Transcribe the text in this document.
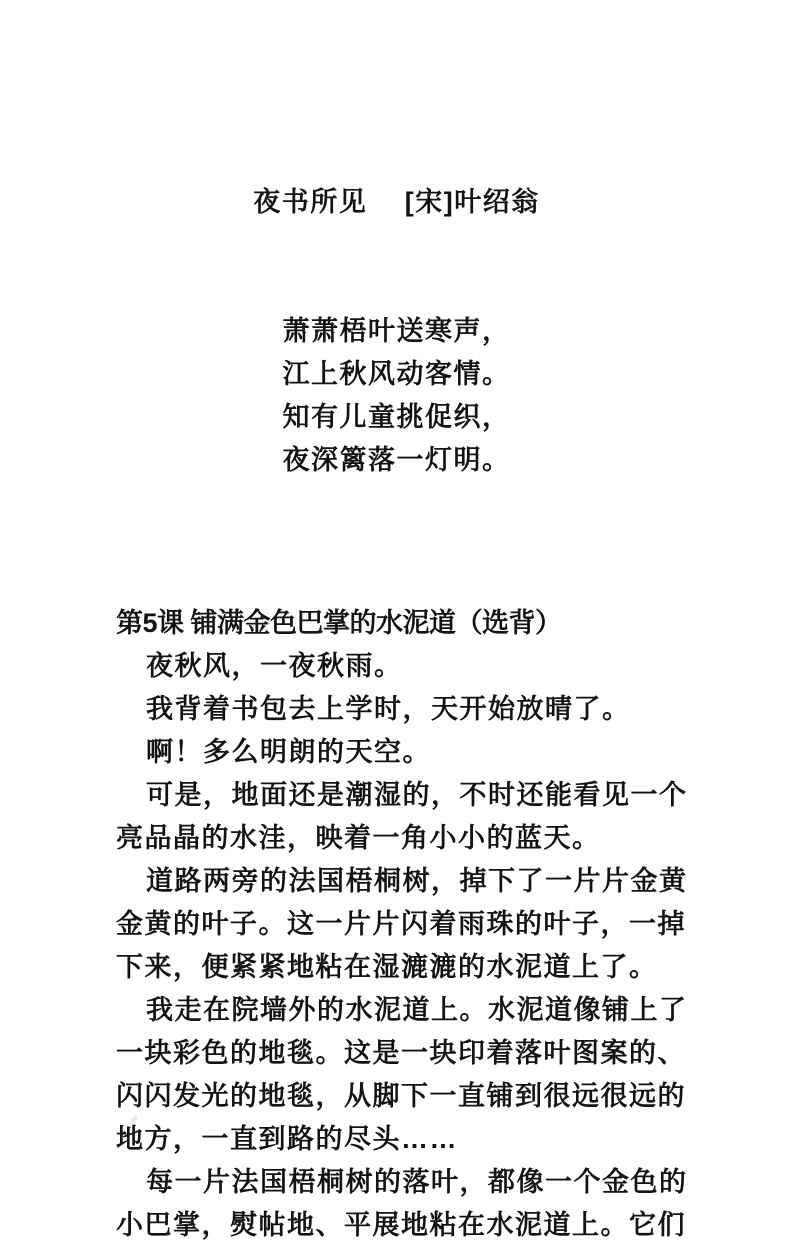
夜书所见　 [宋]叶绍翁

萧萧梧叶送寒声，
江上秋风动客情。
知有儿童挑促织，
夜深篱落一灯明。

第5课 铺满金色巴掌的水泥道（选背）
夜秋风，一夜秋雨。
我背着书包去上学时，天开始放晴了。
啊！多么明朗的天空。
可是，地面还是潮湿的，不时还能看见一个
亮品晶的水洼，映着一角小小的蓝天。
道路两旁的法国梧桐树，掉下了一片片金黄
金黄的叶子。这一片片闪着雨珠的叶子，一掉
下来，便紧紧地粘在湿漉漉的水泥道上了。
我走在院墙外的水泥道上。水泥道像铺上了
一块彩色的地毯。这是一块印着落叶图案的、
闪闪发光的地毯，从脚下一直铺到很远很远的
地方，一直到路的尽头……
每一片法国梧桐树的落叶，都像一个金色的
小巴掌，熨帖地、平展地粘在水泥道上。它们
